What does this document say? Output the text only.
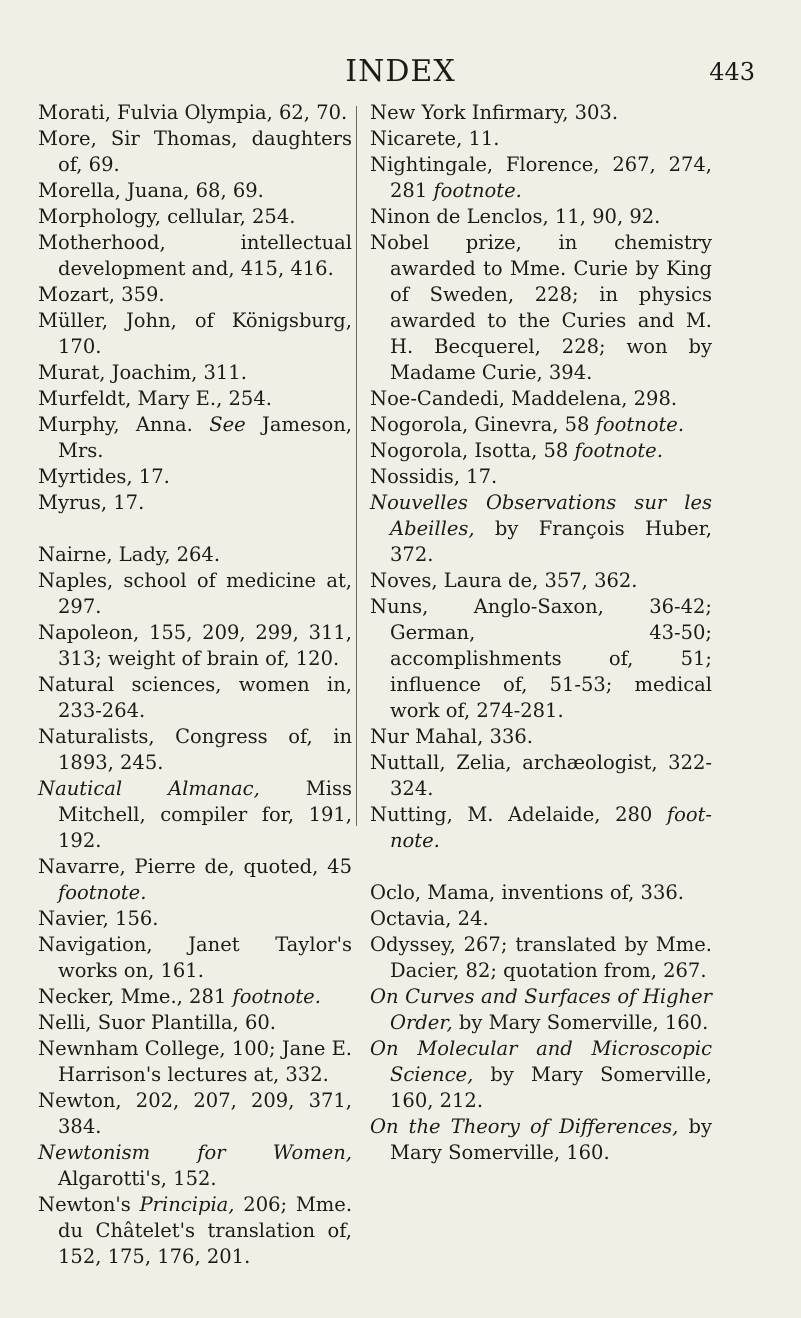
INDEX	443

Morati, Fulvia Olympia, 62, 70.

More, Sir Thomas, daughters of, 69.

Morella, Juana, 68, 69.

Morphology, cellular, 254.

Motherhood, intellectual development and, 415, 416.

Mozart, 359.

Müller, John, of Königsburg, 170.

Murat, Joachim, 311.

Murfeldt, Mary E., 254.

Murphy, Anna. See Jameson, Mrs.

Myrtides, 17.

Myrus, 17.

Nairne, Lady, 264.

Naples, school of medicine at, 297.

Napoleon, 155, 209, 299, 311, 313; weight of brain of, 120.

Natural sciences, women in, 233-264.

Naturalists, Congress of, in 1893, 245.

Nautical Almanac, Miss Mitchell, compiler for, 191, 192.

Navarre, Pierre de, quoted, 45 footnote.

Navier, 156.

Navigation, Janet Taylor's works on, 161.

Necker, Mme., 281 footnote.

Nelli, Suor Plantilla, 60.

Newnham College, 100; Jane E. Harrison's lectures at, 332.

Newton, 202, 207, 209, 371, 384.

Newtonism for Women, Algarotti's, 152.

Newton's Principia, 206; Mme. du Châtelet's translation of, 152, 175, 176, 201.

New York Infirmary, 303.

Nicarete, 11.

Nightingale, Florence, 267, 274, 281 footnote.

Ninon de Lenclos, 11, 90, 92.

Nobel prize, in chemistry awarded to Mme. Curie by King of Sweden, 228; in physics awarded to the Curies and M. H. Becquerel, 228; won by Madame Curie, 394.

Noe-Candedi, Maddelena, 298.

Nogorola, Ginevra, 58 footnote.

Nogorola, Isotta, 58 footnote.

Nossidis, 17.

Nouvelles Observations sur les Abeilles, by François Huber, 372.

Noves, Laura de, 357, 362.

Nuns, Anglo-Saxon, 36-42; German, 43-50; accomplishments of, 51; influence of, 51-53; medical work of, 274-281.

Nur Mahal, 336.

Nuttall, Zelia, archæologist, 322-324.

Nutting, M. Adelaide, 280 foot-note.

Oclo, Mama, inventions of, 336.

Octavia, 24.

Odyssey, 267; translated by Mme. Dacier, 82; quotation from, 267.

On Curves and Surfaces of Higher Order, by Mary Somerville, 160.

On Molecular and Microscopic Science, by Mary Somerville, 160, 212.

On the Theory of Differences, by Mary Somerville, 160.
